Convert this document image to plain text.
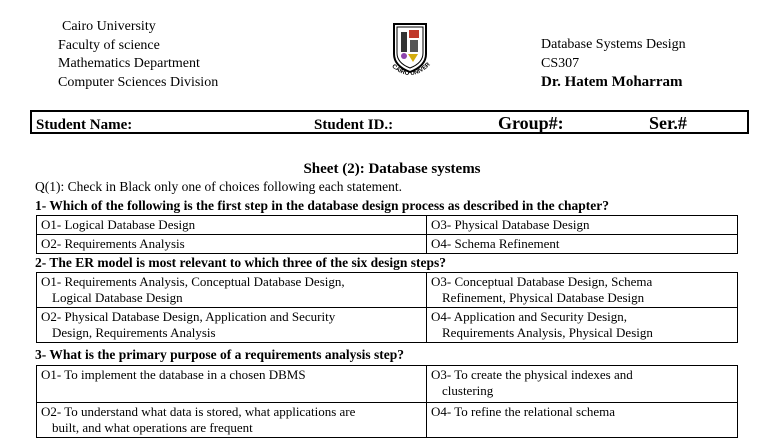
Cairo University
Faculty of science
Mathematics Department
Computer Sciences Division
CAIRO UNIVER
Database Systems Design
CS307
Dr. Hatem Moharram
Student Name:	Student ID.:	Group#:	Ser.#
Sheet (2): Database systems
Q(1): Check in Black only one of choices following each statement.
1- Which of the following is the first step in the database design process as described in the chapter?
O1- Logical Database Design	O3- Physical Database Design
O2- Requirements Analysis	O4- Schema Refinement
2- The ER model is most relevant to which three of the six design steps?
O1- Requirements Analysis, Conceptual Database Design,
Logical Database Design	O3- Conceptual Database Design, Schema
Refinement, Physical Database Design

O2- Physical Database Design, Application and Security
Design, Requirements Analysis	O4- Application and Security Design,
Requirements Analysis, Physical Design
3- What is the primary purpose of a requirements analysis step?
O1- To implement the database in a chosen DBMS	O3- To create the physical indexes and
clustering

O2- To understand what data is stored, what applications are
built, and what operations are frequent	O4- To refine the relational schema
